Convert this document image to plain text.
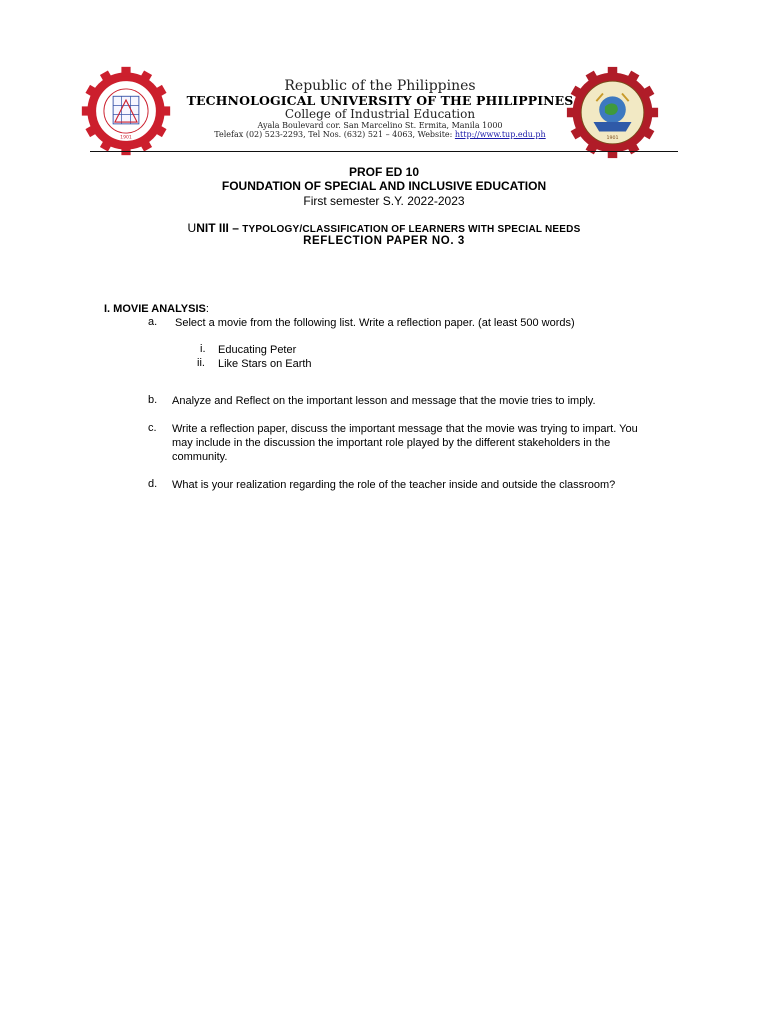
1901	1901
Republic of the Philippines
TECHNOLOGICAL UNIVERSITY OF THE PHILIPPINES
College of Industrial Education
Ayala Boulevard cor. San Marcelino St. Ermita, Manila 1000
Telefax (02) 523-2293, Tel Nos. (632) 521 – 4063, Website: http://www.tup.edu.ph
PROF ED 10
FOUNDATION OF SPECIAL AND INCLUSIVE EDUCATION
First semester S.Y. 2022-2023
UNIT III – TYPOLOGY/CLASSIFICATION OF LEARNERS WITH SPECIAL NEEDS
REFLECTION PAPER NO. 3
I. MOVIE ANALYSIS:
a. Select a movie from the following list. Write a reflection paper. (at least 500 words)
i. Educating Peter
ii. Like Stars on Earth
b. Analyze and Reflect on the important lesson and message that the movie tries to imply.
c. Write a reflection paper, discuss the important message that the movie was trying to impart. You
may include in the discussion the important role played by the different stakeholders in the
community.
d. What is your realization regarding the role of the teacher inside and outside the classroom?
